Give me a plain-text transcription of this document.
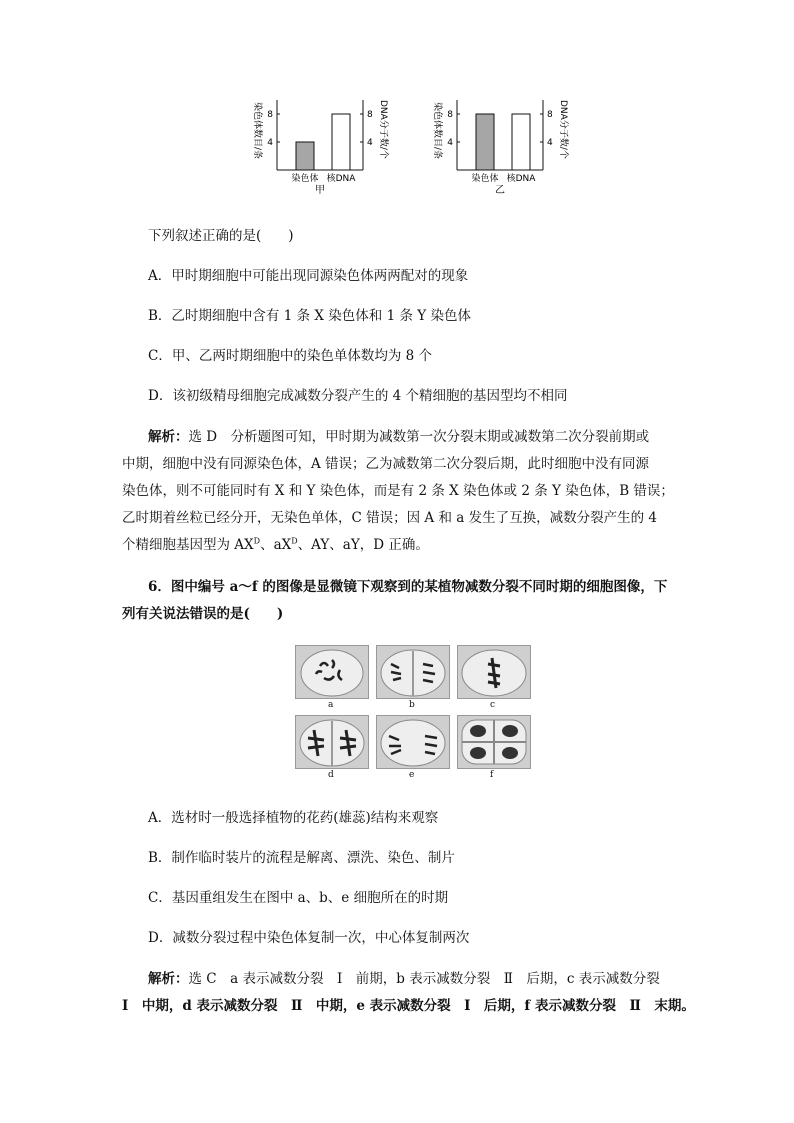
4	4
8	8
染色体 核DNA
甲
染色体数目/条	DNA分子数/个	4	4
8	8
染色体 核DNA
乙
染色体数目/条	DNA分子数/个
下列叙述正确的是(　　)
A．甲时期细胞中可能出现同源染色体两两配对的现象
B．乙时期细胞中含有 1 条 X 染色体和 1 条 Y 染色体
C．甲、乙两时期细胞中的染色单体数均为 8 个
D．该初级精母细胞完成减数分裂产生的 4 个精细胞的基因型均不相同
解析：选 D　分析题图可知，甲时期为减数第一次分裂末期或减数第二次分裂前期或
中期，细胞中没有同源染色体，A 错误；乙为减数第二次分裂后期，此时细胞中没有同源
染色体，则不可能同时有 X 和 Y 染色体，而是有 2 条 X 染色体或 2 条 Y 染色体，B 错误；
乙时期着丝粒已经分开，无染色单体，C 错误；因 A 和 a 发生了互换，减数分裂产生的 4
个精细胞基因型为 $AX^D$、$aX^D$、AY、aY，D 正确。
6．图中编号 a～f 的图像是显微镜下观察到的某植物减数分裂不同时期的细胞图像，下
列有关说法错误的是(　　)
a	b	c
d	e	f
A．选材时一般选择植物的花药(雄蕊)结构来观察
B．制作临时装片的流程是解离、漂洗、染色、制片
C．基因重组发生在图中 a、b、e 细胞所在的时期
D．减数分裂过程中染色体复制一次，中心体复制两次
解析：选 C　a 表示减数分裂　Ⅰ　前期，b 表示减数分裂　Ⅱ　后期，c 表示减数分裂
Ⅰ　中期，d 表示减数分裂　Ⅱ　中期，e 表示减数分裂　Ⅰ　后期，f 表示减数分裂　Ⅱ　末期。
